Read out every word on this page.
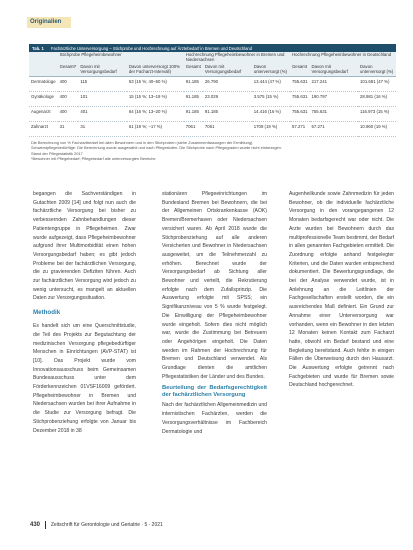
Originalien
Tab. 1 Fachärztliche Unterversorgung – Stichprobe und Hochrechnung auf Ärztebedarf in Bremen und Deutschland
	Stichprobe Pflegeheimbewohner			Hochrechnung Pflegeheimbewohner in Bremen und Niedersachsen			Hochrechnung Pflegeheimbewohner in Deutschland		
	Gesamt*	Davon mit Versorgungsbedarf	Davon unterversorgt 100% der Facharzt-Intervall)	Gesamt	Davon mit Versorgungsbedarf	Davon unterversorgt (%)	Gesamt	Davon mit Versorgungsbedarf	Davon unterversorgt (%)
Dermatologe	400	115	53 (15 %; 40–50 %)	91.185	26.790	13.444 (47 %)	755.631	217.241	101.681 (47 %)
Gynäkologe	400	101	15 (15 %; 13–19 %)	91.185	23.029	3.575 (15 %)	755.631	190.797	28.981 (16 %)
Augenarzt	400	401	64 (16 %; 13–20 %)	91.185	91.185	14.416 (16 %)	755.631	755.631	116.973 (15 %)
Zahnarzt	31	31	61 (19 %; –17 %)	7061	7061	1709 (19 %)	57.271	57.271	10.960 (19 %)
Die Berechnung von % Facharztbedarf bei allen Bewohnern und in den Stichproben (siehe Zusammenfassungen der Ermittlung).
Schwerstpflegebedürftige: Die Berechnung wurde ausgewählt und nach Pflegestufen. Die Stichprobe nach Pflegegraden wurde nicht einbezogen.
Stand der Pflegestatistik 2017
*Bewohner mit Pflegebedarf; Pflegebedarf alle unterversorgten Bereiche

begangen die Sachverständigen in Gutachten 2009 [14] und folgt nun auch die fachärztliche Versorgung bei bisher zu verbessernden Zahnbehandlungen dieser Patientengruppe in Pflegeheimen. Zwar wurde aufgezeigt, dass Pflegeheimbewohner aufgrund ihrer Multimorbidität einen hohen Versorgungsbedarf haben; es gibt jedoch Probleme bei der fachärztlichen Versorgung, die zu gravierenden Defiziten führen. Auch zur fachärztlichen Versorgung wird jedoch zu wenig untersucht, es mangelt an aktuellen Daten zur Versorgungssituation.

Methodik

Es handelt sich um eine Querschnittstudie, die Teil des Projekts zur Begutachtung der medizinischen Versorgung pflegebedürftiger Menschen in Einrichtungen (AVP-STAT) ist [10]. Das Projekt wurde vom Innovationsausschuss beim Gemeinsamen Bundesausschuss unter dem Förderkennzeichen 01VSF16009 gefördert. Pflegeheimbewohner in Bremen und Niedersachsen wurden bei ihrer Aufnahme in die Studie zur Versorgung befragt. Die Stichprobenziehung erfolgte von Januar bis Dezember 2018 in 38

stationären Pflegeeinrichtungen im Bundesland Bremen bei Bewohnern, die bei der Allgemeinen Ortskrankenkasse (AOK) Bremen/Bremerhaven oder Niedersachsen versichert waren. Ab April 2018 wurde die Stichprobenziehung auf alle anderen Versicherten und Bewohner in Niedersachsen ausgeweitet, um die Teilnehmerzahl zu erhöhen. Berechnet wurde der Versorgungsbedarf ab Sichtung aller Bewohner und verteilt, die Rekrutierung erfolgte nach dem Zufallsprinzip. Die Auswertung erfolgte mit SPSS; ein Signifikanzniveau von 5 % wurde festgelegt. Die Einwilligung der Pflegeheimbewohner wurde eingeholt. Sofern dies nicht möglich war, wurde die Zustimmung bei Betreuern oder Angehörigen eingeholt. Die Daten werden im Rahmen der Hochrechnung für Bremen und Deutschland verwendet. Als Grundlage dienten die amtlichen Pflegestatistiken der Länder und des Bundes.

Beurteilung der Bedarfsgerechtigkeit der fachärztlichen Versorgung

Nach der fachärztlichen Allgemeinmedizin und internistischen Fachärzten, werden die Versorgungsverhältnisse im Fachbereich Dermatologie und

Augenheilkunde sowie Zahnmedizin für jeden Bewohner, ob die individuelle fachärztliche Versorgung in den vorangegangenen 12 Monaten bedarfsgerecht war oder nicht. Die Arzte wurden bei Bewohnern durch das multiprofessionelle Team bestimmt, der Bedarf in allen genannten Fachgebieten ermittelt. Die Zuordnung erfolgte anhand festgelegter Kriterien, und die Daten wurden entsprechend dokumentiert. Die Bewertungsgrundlage, die bei der Analyse verwendet wurde, ist in Anlehnung an die Leitlinien der Fachgesellschaften erstellt worden, die ein ausreichendes Maß definiert. Ein Grund zur Annahme einer Unterversorgung war vorhanden, wenn ein Bewohner in den letzten 12 Monaten keinen Kontakt zum Facharzt hatte, obwohl ein Bedarf bestand und eine Begleitung bereitstand. Auch fehlte in einigen Fällen die Überweisung durch den Hausarzt. Die Auswertung erfolgte getrennt nach Fachgebieten und wurde für Bremen sowie Deutschland hochgerechnet.

430 Zeitschrift für Gerontologie und Geriatrie · 5 · 2021
